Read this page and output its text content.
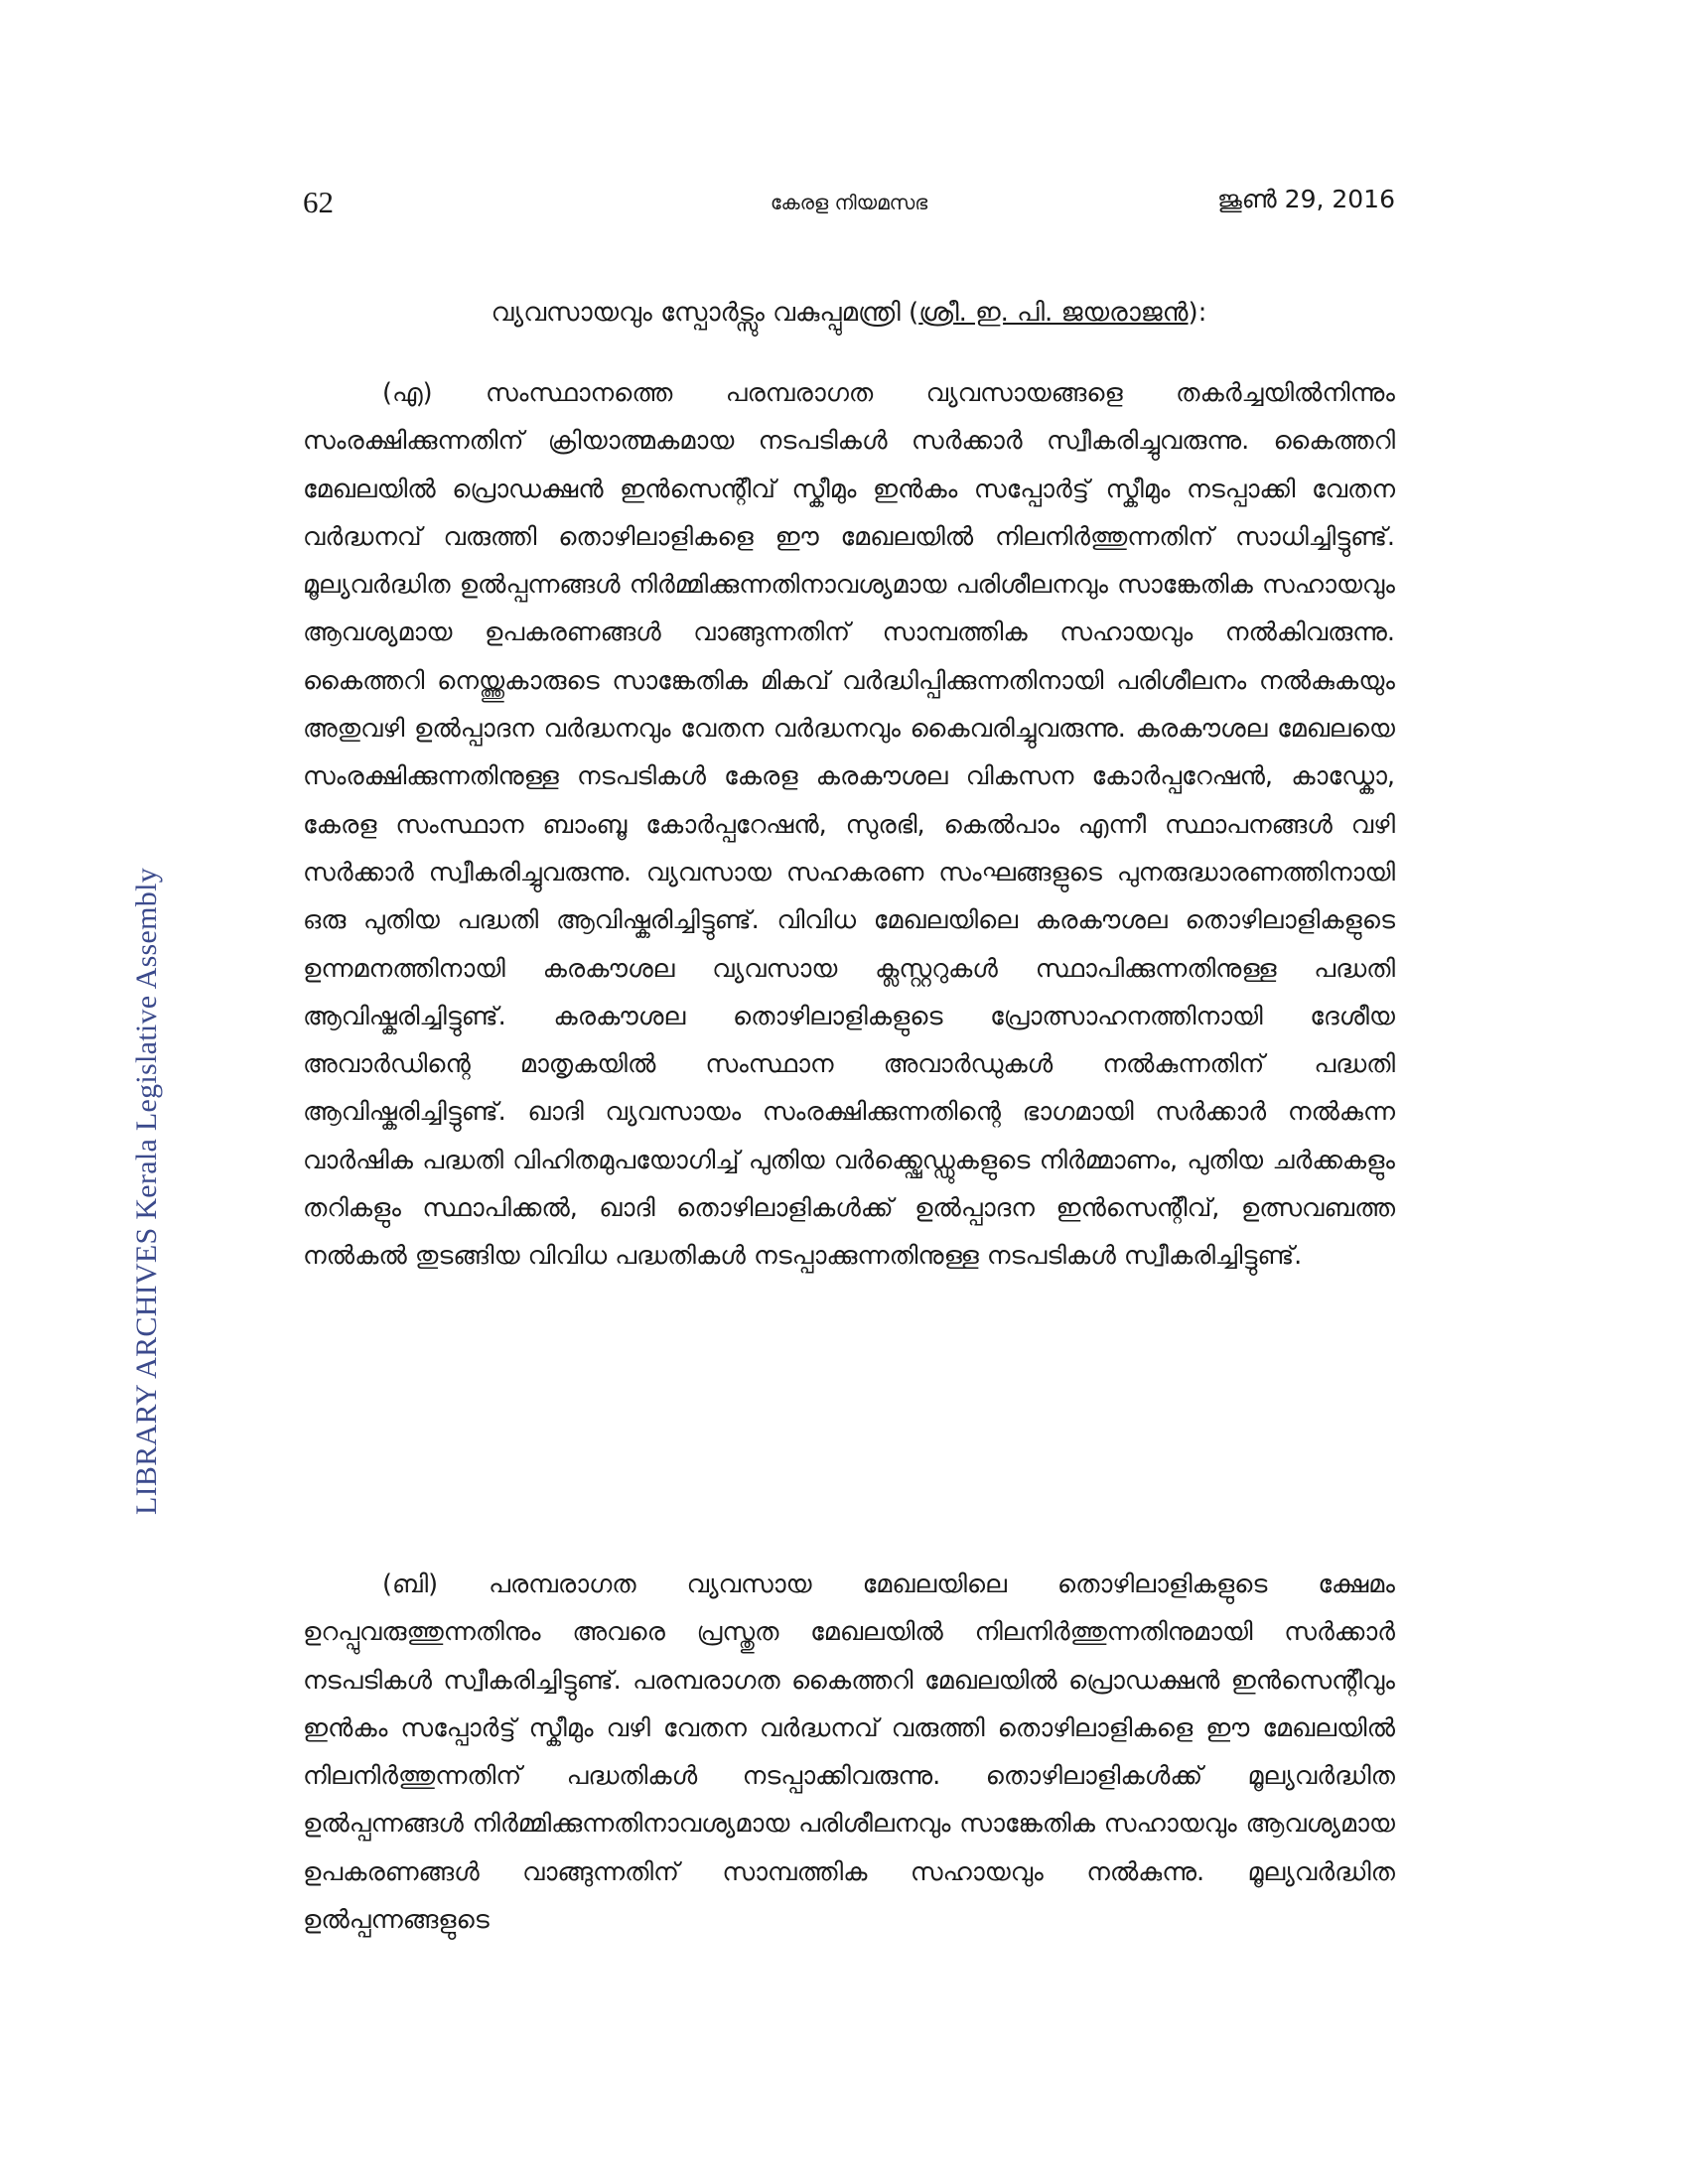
62	കേരള നിയമസഭ	ജൂൺ 29, 2016
LIBRARY ARCHIVES Kerala Legislative Assembly
വ്യവസായവും സ്പോർട്സും വകുപ്പുമന്ത്രി (ശ്രീ. ഇ. പി. ജയരാജൻ):

(എ) സംസ്ഥാനത്തെ പരമ്പരാഗത വ്യവസായങ്ങളെ തകർച്ചയിൽനിന്നും സംരക്ഷിക്കുന്നതിന് ക്രിയാത്മകമായ നടപടികൾ സർക്കാർ സ്വീകരിച്ചുവരുന്നു. കൈത്തറി മേഖലയിൽ പ്രൊഡക്ഷൻ ഇൻസെന്റീവ് സ്കീമും ഇൻകം സപ്പോർട്ട് സ്കീമും നടപ്പാക്കി വേതന വർദ്ധനവ് വരുത്തി തൊഴിലാളികളെ ഈ മേഖലയിൽ നിലനിർത്തുന്നതിന് സാധിച്ചിട്ടുണ്ട്. മൂല്യവർദ്ധിത ഉൽപ്പന്നങ്ങൾ നിർമ്മിക്കുന്നതിനാവശ്യമായ പരിശീലനവും സാങ്കേതിക സഹായവും ആവശ്യമായ ഉപകരണങ്ങൾ വാങ്ങുന്നതിന് സാമ്പത്തിക സഹായവും നൽകിവരുന്നു. കൈത്തറി നെയ്ത്തുകാരുടെ സാങ്കേതിക മികവ് വർദ്ധിപ്പിക്കുന്നതിനായി പരിശീലനം നൽകുകയും അതുവഴി ഉൽപ്പാദന വർദ്ധനവും വേതന വർദ്ധനവും കൈവരിച്ചുവരുന്നു. കരകൗശല മേഖലയെ സംരക്ഷിക്കുന്നതിനുള്ള നടപടികൾ കേരള കരകൗശല വികസന കോർപ്പറേഷൻ, കാഡ്കോ, കേരള സംസ്ഥാന ബാംബൂ കോർപ്പറേഷൻ, സുരഭി, കെൽപാം എന്നീ സ്ഥാപനങ്ങൾ വഴി സർക്കാർ സ്വീകരിച്ചുവരുന്നു. വ്യവസായ സഹകരണ സംഘങ്ങളുടെ പുനരുദ്ധാരണത്തിനായി ഒരു പുതിയ പദ്ധതി ആവിഷ്കരിച്ചിട്ടുണ്ട്. വിവിധ മേഖലയിലെ കരകൗശല തൊഴിലാളികളുടെ ഉന്നമനത്തിനായി കരകൗശല വ്യവസായ ക്ലസ്റ്ററുകൾ സ്ഥാപിക്കുന്നതിനുള്ള പദ്ധതി ആവിഷ്കരിച്ചിട്ടുണ്ട്. കരകൗശല തൊഴിലാളികളുടെ പ്രോത്സാഹനത്തിനായി ദേശീയ അവാർഡിന്റെ മാതൃകയിൽ സംസ്ഥാന അവാർഡുകൾ നൽകുന്നതിന് പദ്ധതി ആവിഷ്കരിച്ചിട്ടുണ്ട്. ഖാദി വ്യവസായം സംരക്ഷിക്കുന്നതിന്റെ ഭാഗമായി സർക്കാർ നൽകുന്ന വാർഷിക പദ്ധതി വിഹിതമുപയോഗിച്ച് പുതിയ വർക്ക്ഷെഡ്ഡുകളുടെ നിർമ്മാണം, പുതിയ ചർക്കകളും തറികളും സ്ഥാപിക്കൽ, ഖാദി തൊഴിലാളികൾക്ക് ഉൽപ്പാദന ഇൻസെന്റീവ്, ഉത്സവബത്ത നൽകൽ തുടങ്ങിയ വിവിധ പദ്ധതികൾ നടപ്പാക്കുന്നതിനുള്ള നടപടികൾ സ്വീകരിച്ചിട്ടുണ്ട്.

(ബി) പരമ്പരാഗത വ്യവസായ മേഖലയിലെ തൊഴിലാളികളുടെ ക്ഷേമം ഉറപ്പുവരുത്തുന്നതിനും അവരെ പ്രസ്തുത മേഖലയിൽ നിലനിർത്തുന്നതിനുമായി സർക്കാർ നടപടികൾ സ്വീകരിച്ചിട്ടുണ്ട്. പരമ്പരാഗത കൈത്തറി മേഖലയിൽ പ്രൊഡക്ഷൻ ഇൻസെന്റീവും ഇൻകം സപ്പോർട്ട് സ്കീമും വഴി വേതന വർദ്ധനവ് വരുത്തി തൊഴിലാളികളെ ഈ മേഖലയിൽ നിലനിർത്തുന്നതിന് പദ്ധതികൾ നടപ്പാക്കിവരുന്നു. തൊഴിലാളികൾക്ക് മൂല്യവർദ്ധിത ഉൽപ്പന്നങ്ങൾ നിർമ്മിക്കുന്നതിനാവശ്യമായ പരിശീലനവും സാങ്കേതിക സഹായവും ആവശ്യമായ ഉപകരണങ്ങൾ വാങ്ങുന്നതിന് സാമ്പത്തിക സഹായവും നൽകുന്നു. മൂല്യവർദ്ധിത ഉൽപ്പന്നങ്ങളുടെ
